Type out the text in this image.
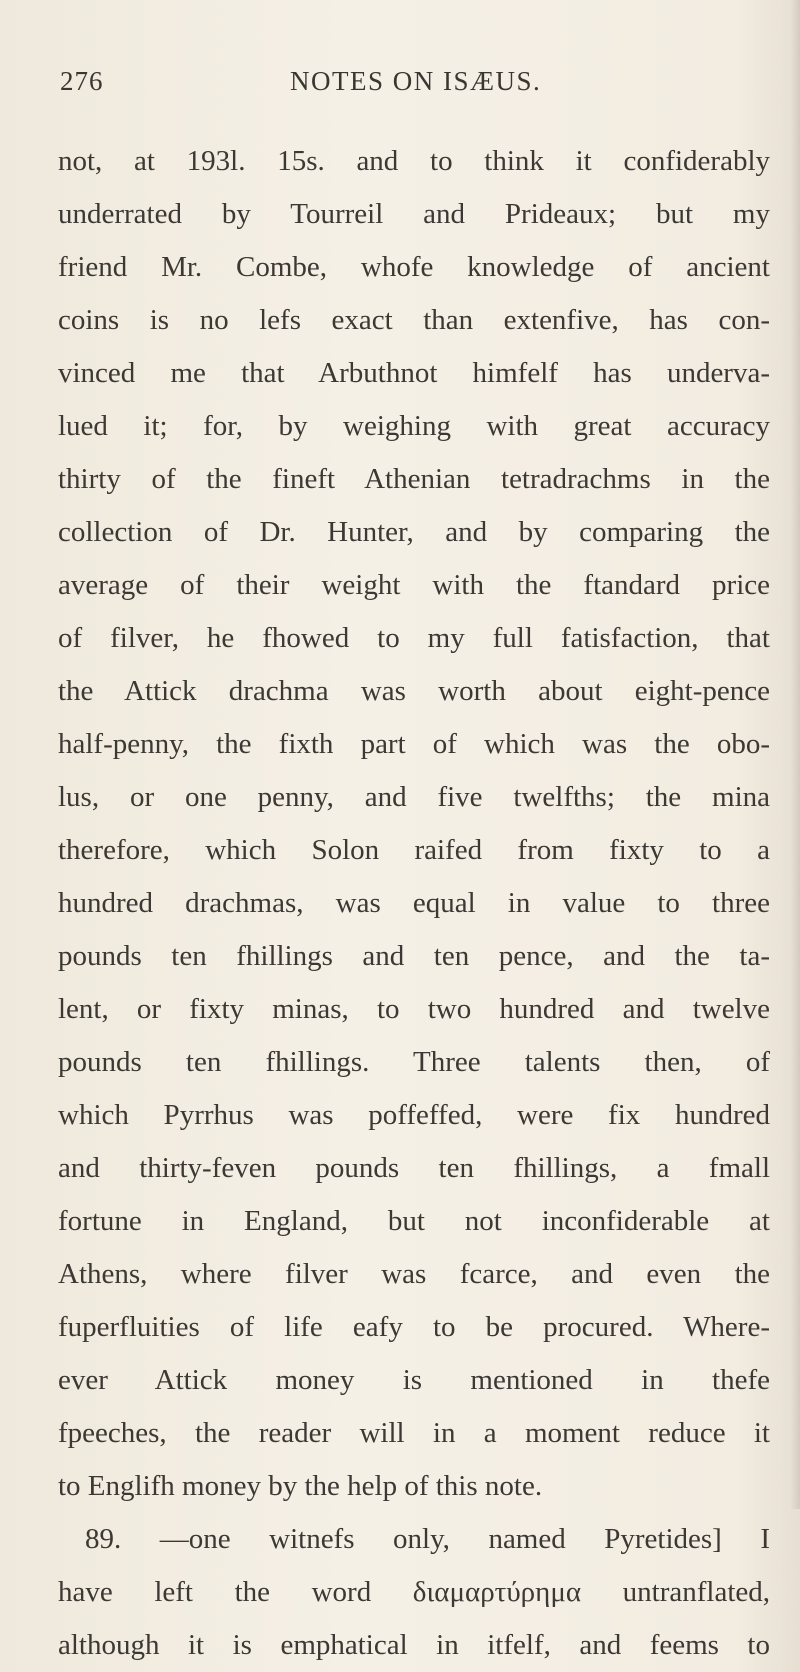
276	NOTES ON ISÆUS.
not, at 193l. 15s. and to think it confiderably
underrated by Tourreil and Prideaux; but my
friend Mr. Combe, whofe knowledge of ancient
coins is no lefs exact than extenfive, has con-
vinced me that Arbuthnot himfelf has underva-
lued it; for, by weighing with great accuracy
thirty of the fineft Athenian tetradrachms in the
collection of Dr. Hunter, and by comparing the
average of their weight with the ftandard price
of filver, he fhowed to my full fatisfaction, that
the Attick drachma was worth about eight-pence
half-penny, the fixth part of which was the obo-
lus, or one penny, and five twelfths; the mina
therefore, which Solon raifed from fixty to a
hundred drachmas, was equal in value to three
pounds ten fhillings and ten pence, and the ta-
lent, or fixty minas, to two hundred and twelve
pounds ten fhillings. Three talents then, of
which Pyrrhus was poffeffed, were fix hundred
and thirty-feven pounds ten fhillings, a fmall
fortune in England, but not inconfiderable at
Athens, where filver was fcarce, and even the
fuperfluities of life eafy to be procured. Where-
ever Attick money is mentioned in thefe
fpeeches, the reader will in a moment reduce it
to Englifh money by the help of this note.
89. —one witnefs only, named Pyretides] I
have left the word διαμαρτύρημα untranflated,
although it is emphatical in itfelf, and feems to
